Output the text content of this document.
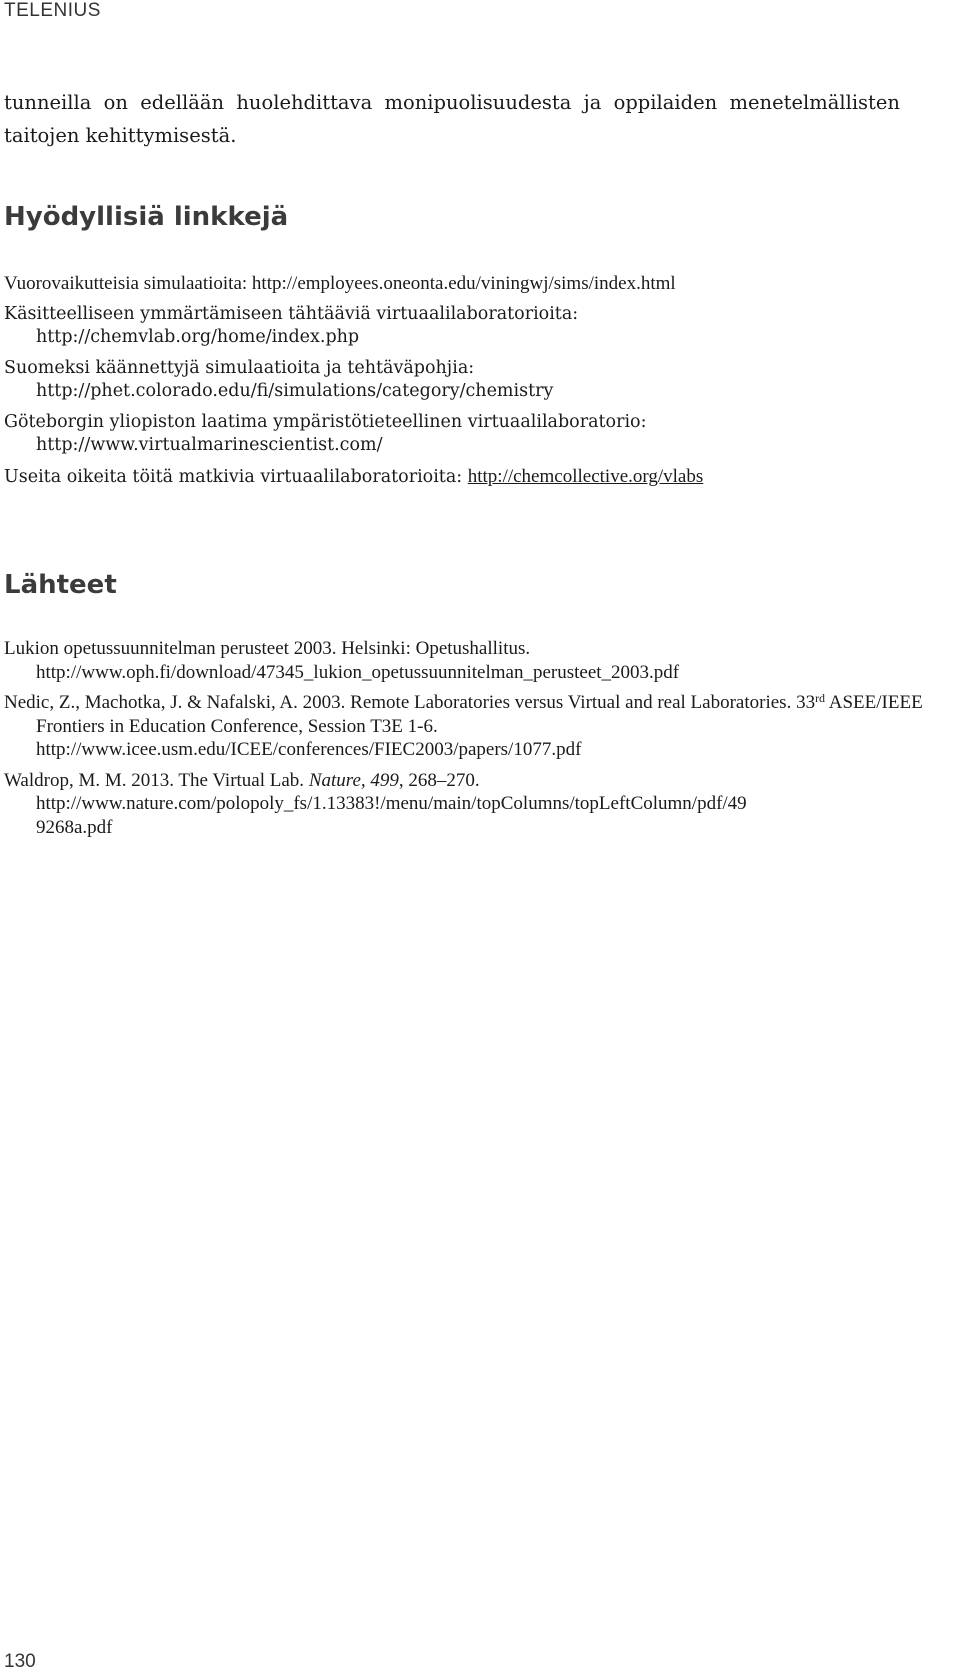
TELENIUS
tunneilla on edellään huolehdittava monipuolisuudesta ja oppilaiden menetelmällisten
taitojen kehittymisestä.
Hyödyllisiä linkkejä
Vuorovaikutteisia simulaatioita: http://employees.oneonta.edu/viningwj/sims/index.html
Käsitteelliseen ymmärtämiseen tähtääviä virtuaalilaboratorioita:
http://chemvlab.org/home/index.php
Suomeksi käännettyjä simulaatioita ja tehtäväpohjia:
http://phet.colorado.edu/fi/simulations/category/chemistry
Göteborgin yliopiston laatima ympäristötieteellinen virtuaalilaboratorio:
http://www.virtualmarinescientist.com/
Useita oikeita töitä matkivia virtuaalilaboratorioita: http://chemcollective.org/vlabs
Lähteet
Lukion opetussuunnitelman perusteet 2003. Helsinki: Opetushallitus.
http://www.oph.fi/download/47345_lukion_opetussuunnitelman_perusteet_2003.pdf
Nedic, Z., Machotka, J. & Nafalski, A. 2003. Remote Laboratories versus Virtual and real Laboratories. 33rd ASEE/IEEE Frontiers in Education Conference, Session T3E 1-6.
http://www.icee.usm.edu/ICEE/conferences/FIEC2003/papers/1077.pdf
Waldrop, M. M. 2013. The Virtual Lab. Nature, 499, 268–270.
http://www.nature.com/polopoly_fs/1.13383!/menu/main/topColumns/topLeftColumn/pdf/49
9268a.pdf
130
